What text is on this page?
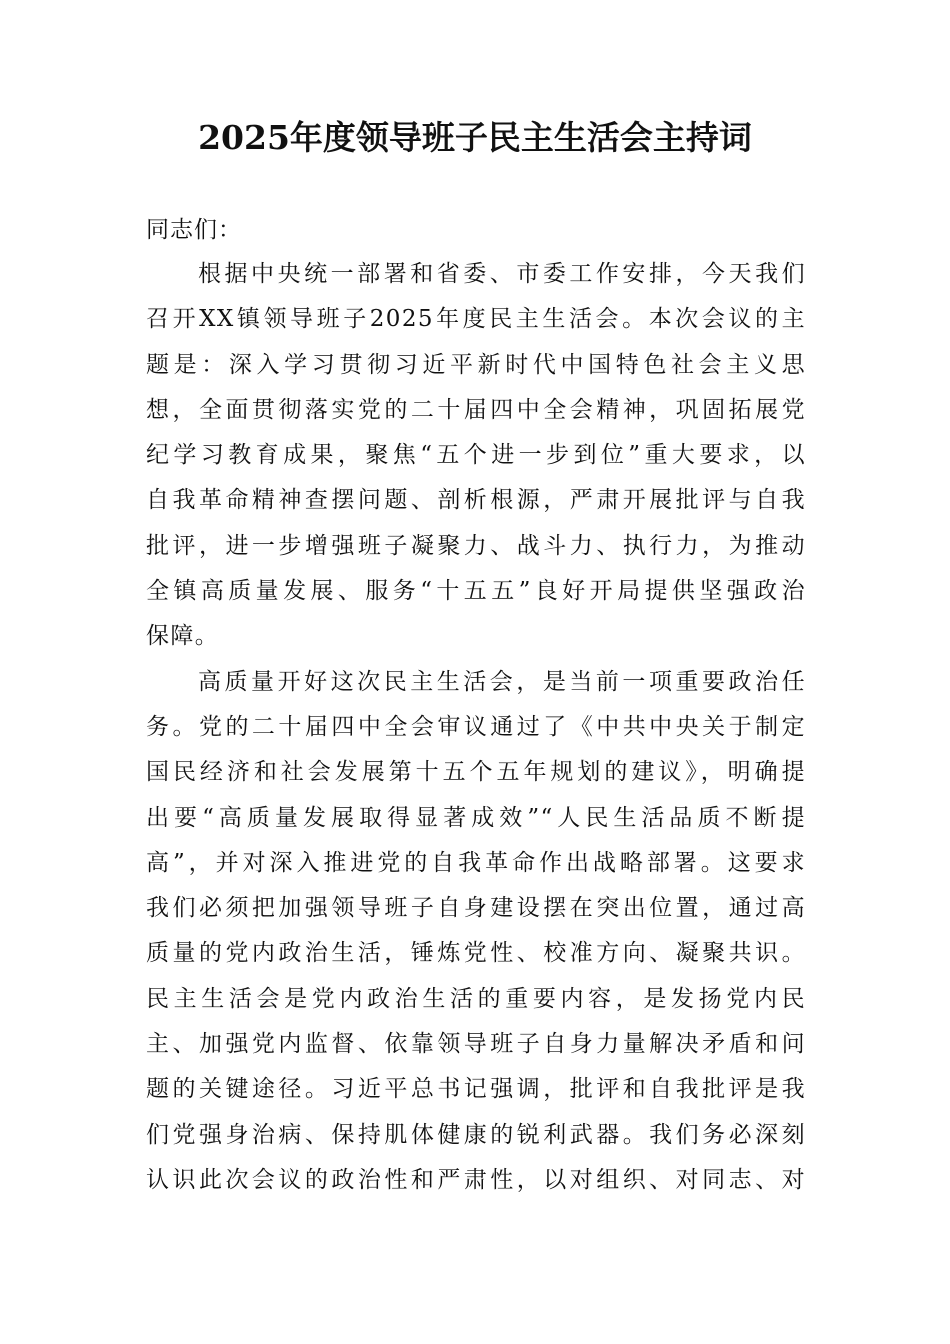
2025年度领导班子民主生活会主持词
同志们：
根据中央统一部署和省委、市委工作安排，今天我们
召开XX镇领导班子2025年度民主生活会。本次会议的主
题是：深入学习贯彻习近平新时代中国特色社会主义思
想，全面贯彻落实党的二十届四中全会精神，巩固拓展党
纪学习教育成果，聚焦“五个进一步到位”重大要求，以
自我革命精神查摆问题、剖析根源，严肃开展批评与自我
批评，进一步增强班子凝聚力、战斗力、执行力，为推动
全镇高质量发展、服务“十五五”良好开局提供坚强政治
保障。
高质量开好这次民主生活会，是当前一项重要政治任
务。党的二十届四中全会审议通过了《中共中央关于制定
国民经济和社会发展第十五个五年规划的建议》，明确提
出要“高质量发展取得显著成效”“人民生活品质不断提
高”，并对深入推进党的自我革命作出战略部署。这要求
我们必须把加强领导班子自身建设摆在突出位置，通过高
质量的党内政治生活，锤炼党性、校准方向、凝聚共识。
民主生活会是党内政治生活的重要内容，是发扬党内民
主、加强党内监督、依靠领导班子自身力量解决矛盾和问
题的关键途径。习近平总书记强调，批评和自我批评是我
们党强身治病、保持肌体健康的锐利武器。我们务必深刻
认识此次会议的政治性和严肃性，以对组织、对同志、对
